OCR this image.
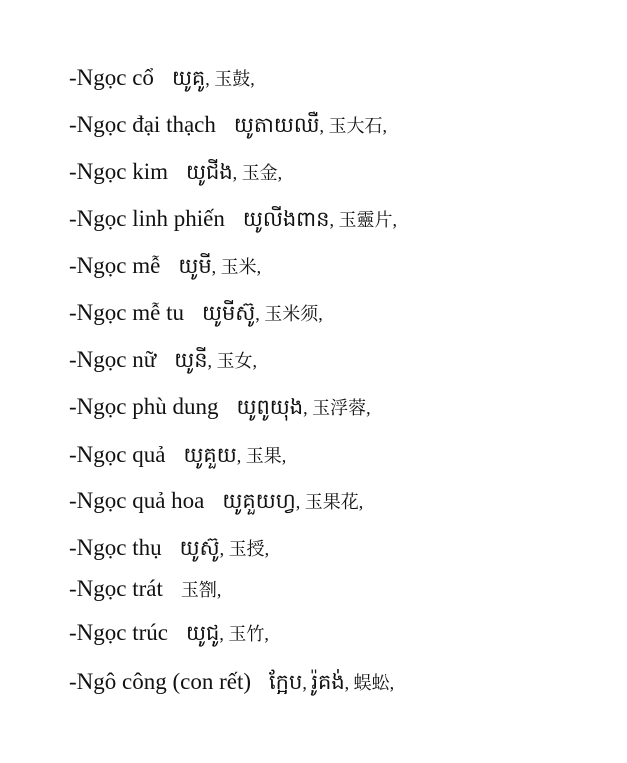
-Ngọc cổ យូគូ, 玉鼓,
-Ngọc đại thạch យូតាយឈឺ, 玉大石,
-Ngọc kim យូជីង, 玉金,
-Ngọc linh phiến យូលីងពាន, 玉靈片,
-Ngọc mễ យូមី, 玉米,
-Ngọc mễ tu យូមីស៊ូ, 玉米须,
-Ngọc nữ យូនី, 玉女,
-Ngọc phù dung យូពូយុង, 玉浮蓉,
-Ngọc quả យូគួយ, 玉果,
-Ngọc quả hoa យូគួយហ្វ, 玉果花,
-Ngọc thụ យូស៊ូ, 玉授,
-Ngọc trát 玉劄,
-Ngọc trúc យូជូ, 玉竹,
-Ngô công (con rết) ក្អែប, រ៉ូគង់, 蜈蚣,
